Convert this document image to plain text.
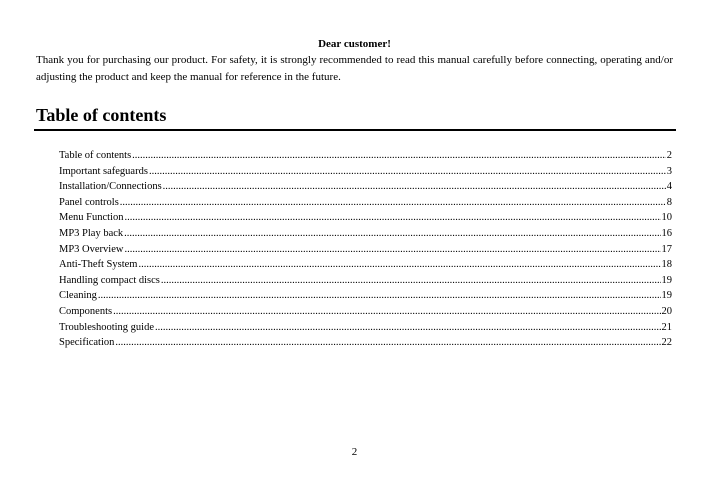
Dear customer!
Thank you for purchasing our product. For safety, it is strongly recommended to read this manual carefully before connecting, operating and/or adjusting the product and keep the manual for reference in the future.
Table of contents
Table of contents .....	2
Important safeguards .....	3
Installation/Connections .....	4
Panel controls .....	8
Menu Function .....	10
MP3 Play back .....	16
MP3 Overview .....	17
Anti-Theft System .....	18
Handling compact discs .....	19
Cleaning .....	19
Components .....	20
Troubleshooting guide .....	21
Specification .....	22
2
